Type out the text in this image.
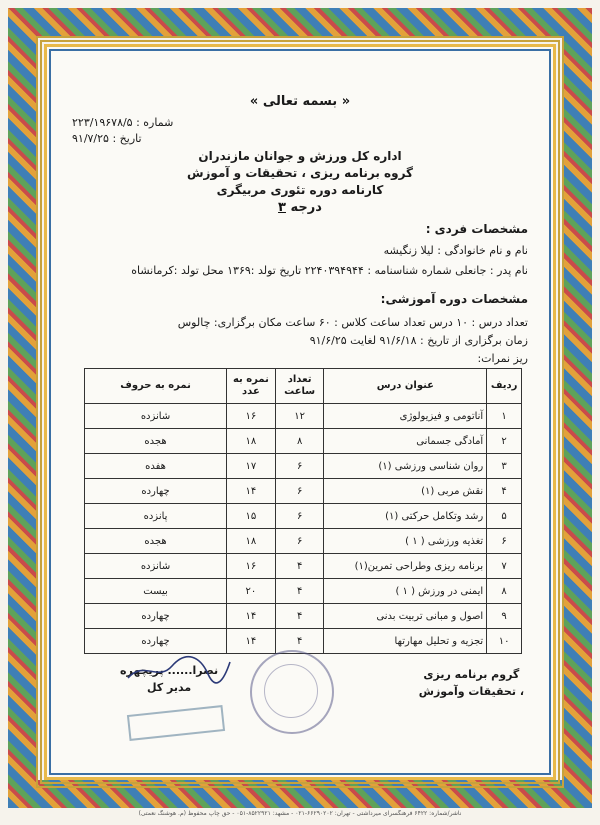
« بسمه تعالی »
شماره : ۲۲۳/۱۹۶۷۸/۵
تاریخ : ۹۱/۷/۲۵
اداره کل ورزش و جوانان مازندران
گروه برنامه ریزی ، تحقیقات و آموزش
کارنامه دوره تئوری مربیگری
درجه ۳
مشخصات فردی :
نام و نام خانوادگی : لیلا زنگیشه
نام پدر : جانعلی شماره شناسنامه : ۲۲۴۰۳۹۴۹۴۴ تاریخ تولد :۱۳۶۹ محل تولد :کرمانشاه
مشخصات دوره آموزشی:
تعداد درس : ۱۰ درس تعداد ساعت کلاس : ۶۰ ساعت مکان برگزاری: چالوس
زمان برگزاری از تاریخ : ۹۱/۶/۱۸ لغایت ۹۱/۶/۲۵
ریز نمرات:
ردیف	عنوان درس	تعداد ساعت	نمره به عدد	نمره به حروف
۱	آناتومی و فیزیولوژی	۱۲	۱۶	شانزده
۲	آمادگی جسمانی	۸	۱۸	هجده
۳	روان شناسی ورزشی (۱)	۶	۱۷	هفده
۴	نقش مربی (۱)	۶	۱۴	چهارده
۵	رشد وتکامل حرکتی (۱)	۶	۱۵	پانزده
۶	تغذیه ورزشی ( ۱ )	۶	۱۸	هجده
۷	برنامه ریزی وطراحی تمرین(۱)	۴	۱۶	شانزده
۸	ایمنی در ورزش ( ۱ )	۴	۲۰	بیست
۹	اصول و مبانی تربیت بدنی	۴	۱۴	چهارده
۱۰	تجزیه و تحلیل مهارتها	۴	۱۴	چهارده
گروم برنامه ریزی
، تحقیقات وآموزش
نصرا...... پریچهره
مدیر کل
ناشر/شماره: ۶۴۲۲ فرهنگسرای میرداشتی - تهران: ۶۶۲۹۰۲۰۲-۰۲۱ - مشهد: ۸۵۲۲۹۲۱-۰۵۱ - حق چاپ محفوظ (م. هوشنگ نعمتی)
